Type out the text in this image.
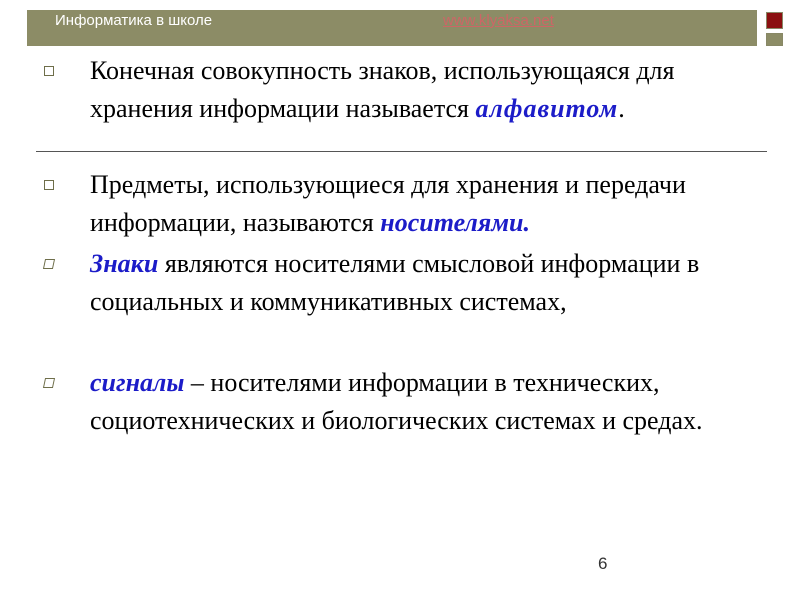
Информатика в школе	www.klyaksa.net
Конечная совокупность знаков, использующаяся для хранения информации называется алфавитом.
Предметы, использующиеся для хранения и передачи информации, называются носителями.
Знаки являются носителями смысловой информации в социальных и коммуникативных системах,
сигналы – носителями информации в технических, социотехнических и биологических системах и средах.
6
